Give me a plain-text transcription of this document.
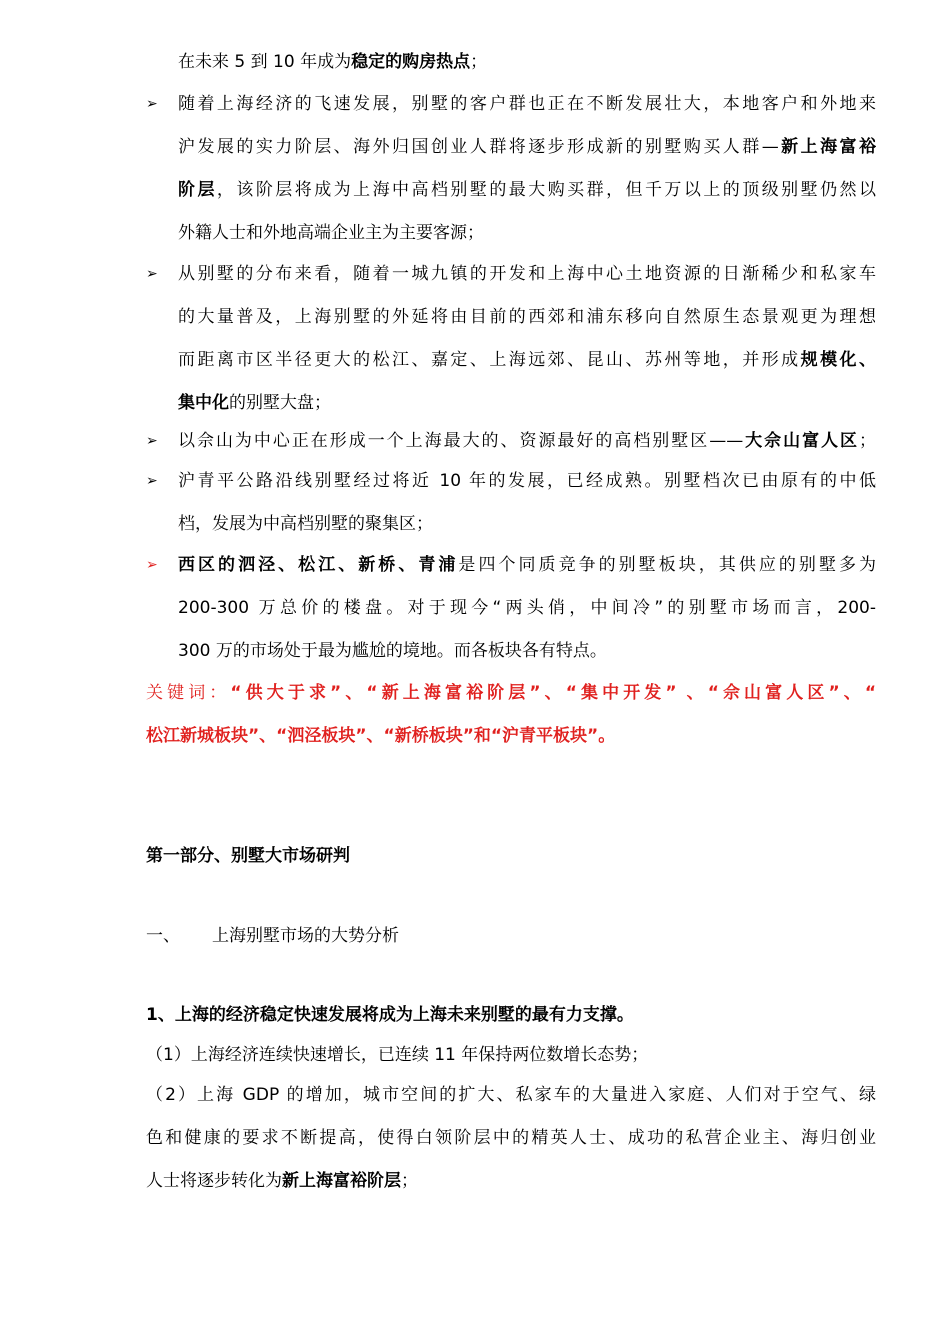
在未来 5 到 10 年成为稳定的购房热点；
➢ 随着上海经济的飞速发展，别墅的客户群也正在不断发展壮大，本地客户和外地来
沪发展的实力阶层、海外归国创业人群将逐步形成新的别墅购买人群—新上海富裕
阶层，该阶层将成为上海中高档别墅的最大购买群，但千万以上的顶级别墅仍然以
外籍人士和外地高端企业主为主要客源；
➢ 从别墅的分布来看，随着一城九镇的开发和上海中心土地资源的日渐稀少和私家车
的大量普及，上海别墅的外延将由目前的西郊和浦东移向自然原生态景观更为理想
而距离市区半径更大的松江、嘉定、上海远郊、昆山、苏州等地，并形成规模化、
集中化的别墅大盘；
➢ 以佘山为中心正在形成一个上海最大的、资源最好的高档别墅区——大佘山富人区；
➢ 沪青平公路沿线别墅经过将近 10 年的发展，已经成熟。别墅档次已由原有的中低
档，发展为中高档别墅的聚集区；
➢ 西区的泗泾、松江、新桥、青浦是四个同质竞争的别墅板块，其供应的别墅多为
200-300 万总价的楼盘。对于现今“两头俏，中间冷”的别墅市场而言，200-
300 万的市场处于最为尴尬的境地。而各板块各有特点。
关键词：“供大于求”、“新上海富裕阶层”、“集中开发” 、“佘山富人区”、“
松江新城板块”、“泗泾板块”、“新桥板块”和“沪青平板块”。
第一部分、别墅大市场研判
一、 上海别墅市场的大势分析
1、上海的经济稳定快速发展将成为上海未来别墅的最有力支撑。
（1）上海经济连续快速增长，已连续 11 年保持两位数增长态势；
（2）上海 GDP 的增加，城市空间的扩大、私家车的大量进入家庭、人们对于空气、绿
色和健康的要求不断提高，使得白领阶层中的精英人士、成功的私营企业主、海归创业
人士将逐步转化为新上海富裕阶层；
